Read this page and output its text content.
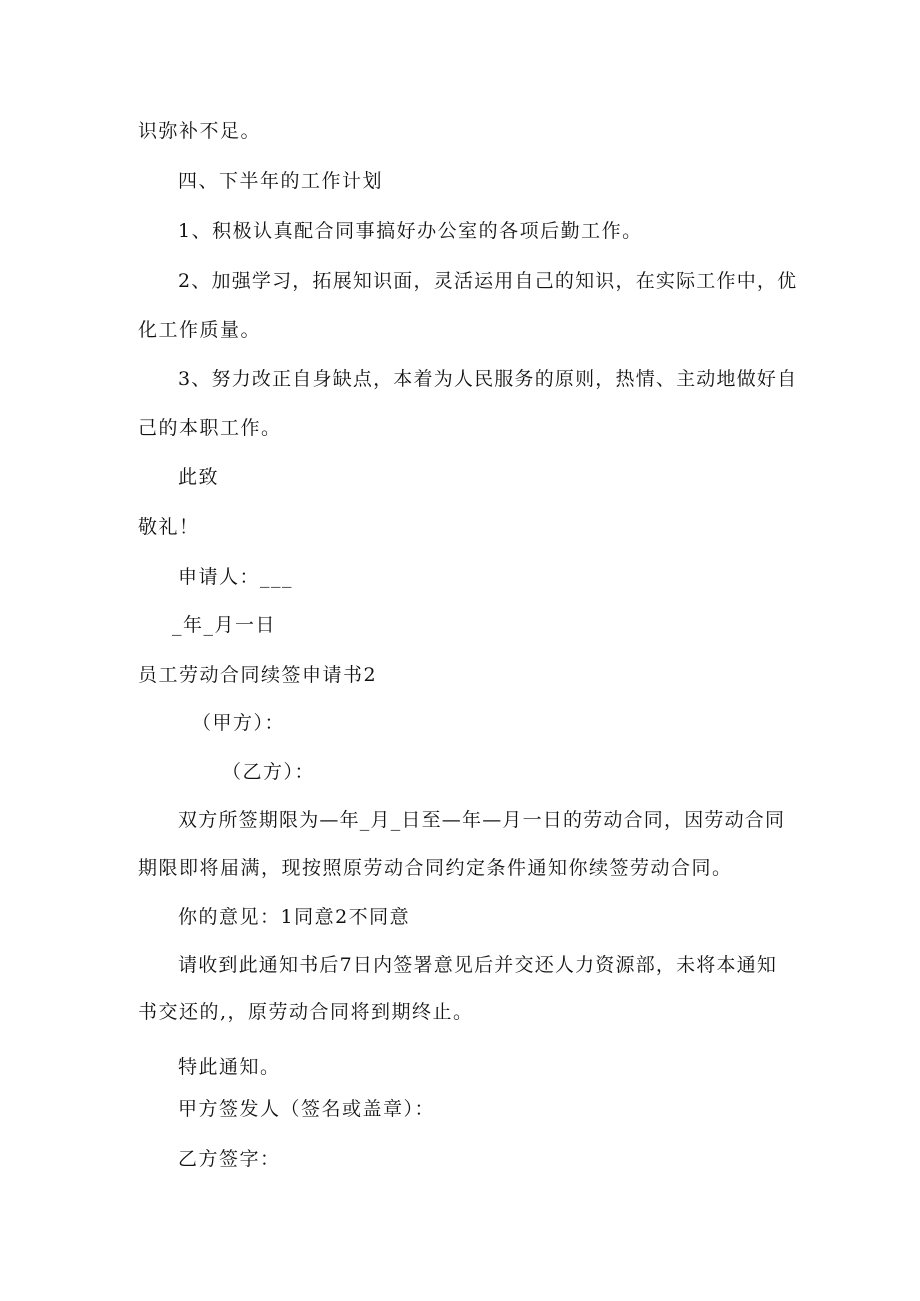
识弥补不足。
四、下半年的工作计划
1、积极认真配合同事搞好办公室的各项后勤工作。
2、加强学习，拓展知识面，灵活运用自己的知识，在实际工作中，优
化工作质量。
3、努力改正自身缺点，本着为人民服务的原则，热情、主动地做好自
己的本职工作。
此致
敬礼！
申请人：___
_年_月一日
员工劳动合同续签申请书2
（甲方）：
（乙方）：
双方所签期限为—年_月_日至—年—月一日的劳动合同，因劳动合同
期限即将届满，现按照原劳动合同约定条件通知你续签劳动合同。
你的意见：1同意2不同意
请收到此通知书后7日内签署意见后并交还人力资源部，未将本通知
书交还的,，原劳动合同将到期终止。
特此通知。
甲方签发人（签名或盖章）：
乙方签字：
